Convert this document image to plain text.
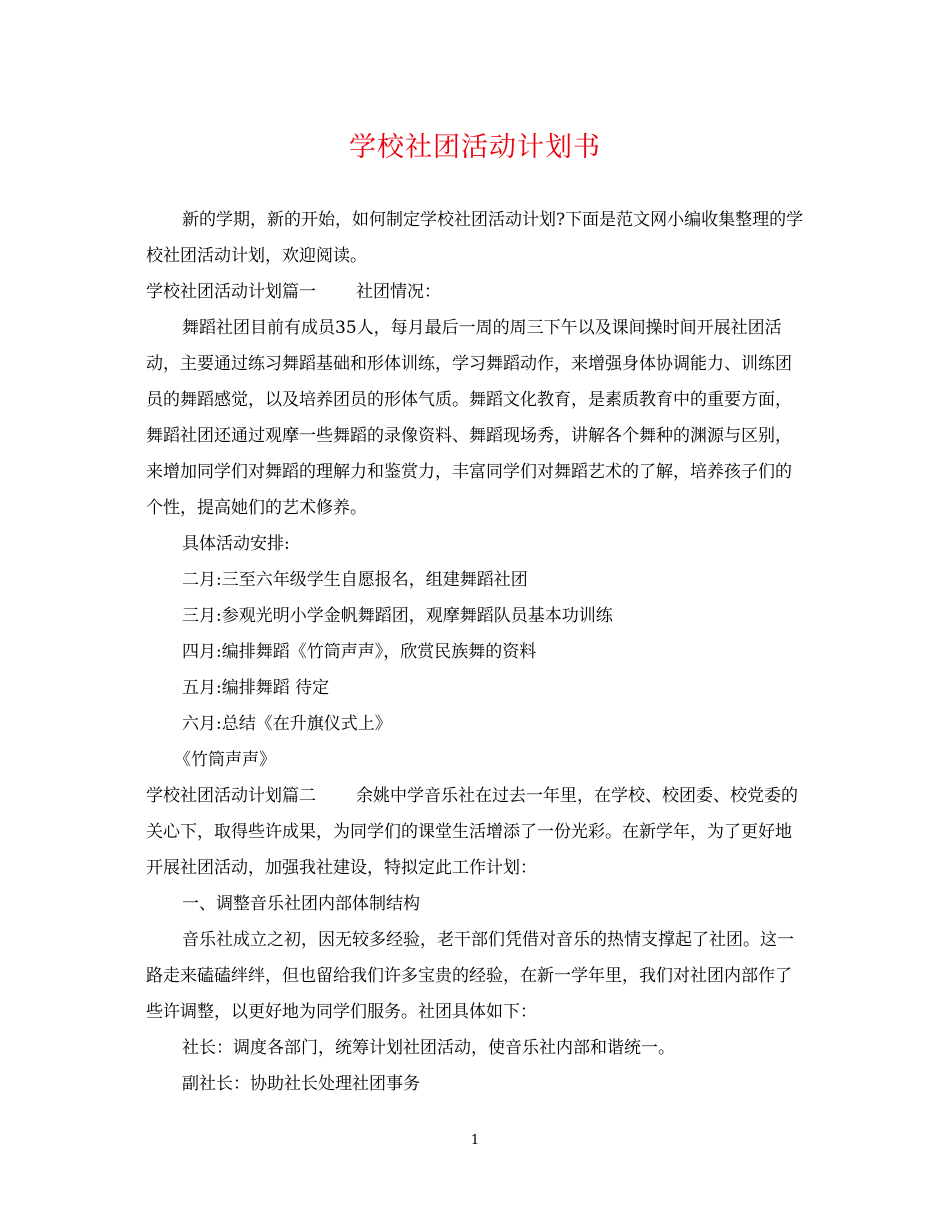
学校社团活动计划书

新的学期，新的开始，如何制定学校社团活动计划?下面是范文网小编收集整理的学校社团活动计划，欢迎阅读。

学校社团活动计划篇一 社团情况：

舞蹈社团目前有成员35人，每月最后一周的周三下午以及课间操时间开展社团活动，主要通过练习舞蹈基础和形体训练，学习舞蹈动作，来增强身体协调能力、训练团员的舞蹈感觉，以及培养团员的形体气质。舞蹈文化教育，是素质教育中的重要方面，舞蹈社团还通过观摩一些舞蹈的录像资料、舞蹈现场秀，讲解各个舞种的渊源与区别，来增加同学们对舞蹈的理解力和鉴赏力，丰富同学们对舞蹈艺术的了解，培养孩子们的个性，提高她们的艺术修养。

具体活动安排:

二月:三至六年级学生自愿报名，组建舞蹈社团

三月:参观光明小学金帆舞蹈团，观摩舞蹈队员基本功训练

四月:编排舞蹈《竹筒声声》，欣赏民族舞的资料

五月:编排舞蹈 待定

六月:总结《在升旗仪式上》

《竹筒声声》

学校社团活动计划篇二 余姚中学音乐社在过去一年里，在学校、校团委、校党委的关心下，取得些许成果，为同学们的课堂生活增添了一份光彩。在新学年，为了更好地开展社团活动，加强我社建设，特拟定此工作计划：

一、调整音乐社团内部体制结构

音乐社成立之初，因无较多经验，老干部们凭借对音乐的热情支撑起了社团。这一路走来磕磕绊绊，但也留给我们许多宝贵的经验，在新一学年里，我们对社团内部作了些许调整，以更好地为同学们服务。社团具体如下：

社长：调度各部门，统筹计划社团活动，使音乐社内部和谐统一。

副社长：协助社长处理社团事务

1
